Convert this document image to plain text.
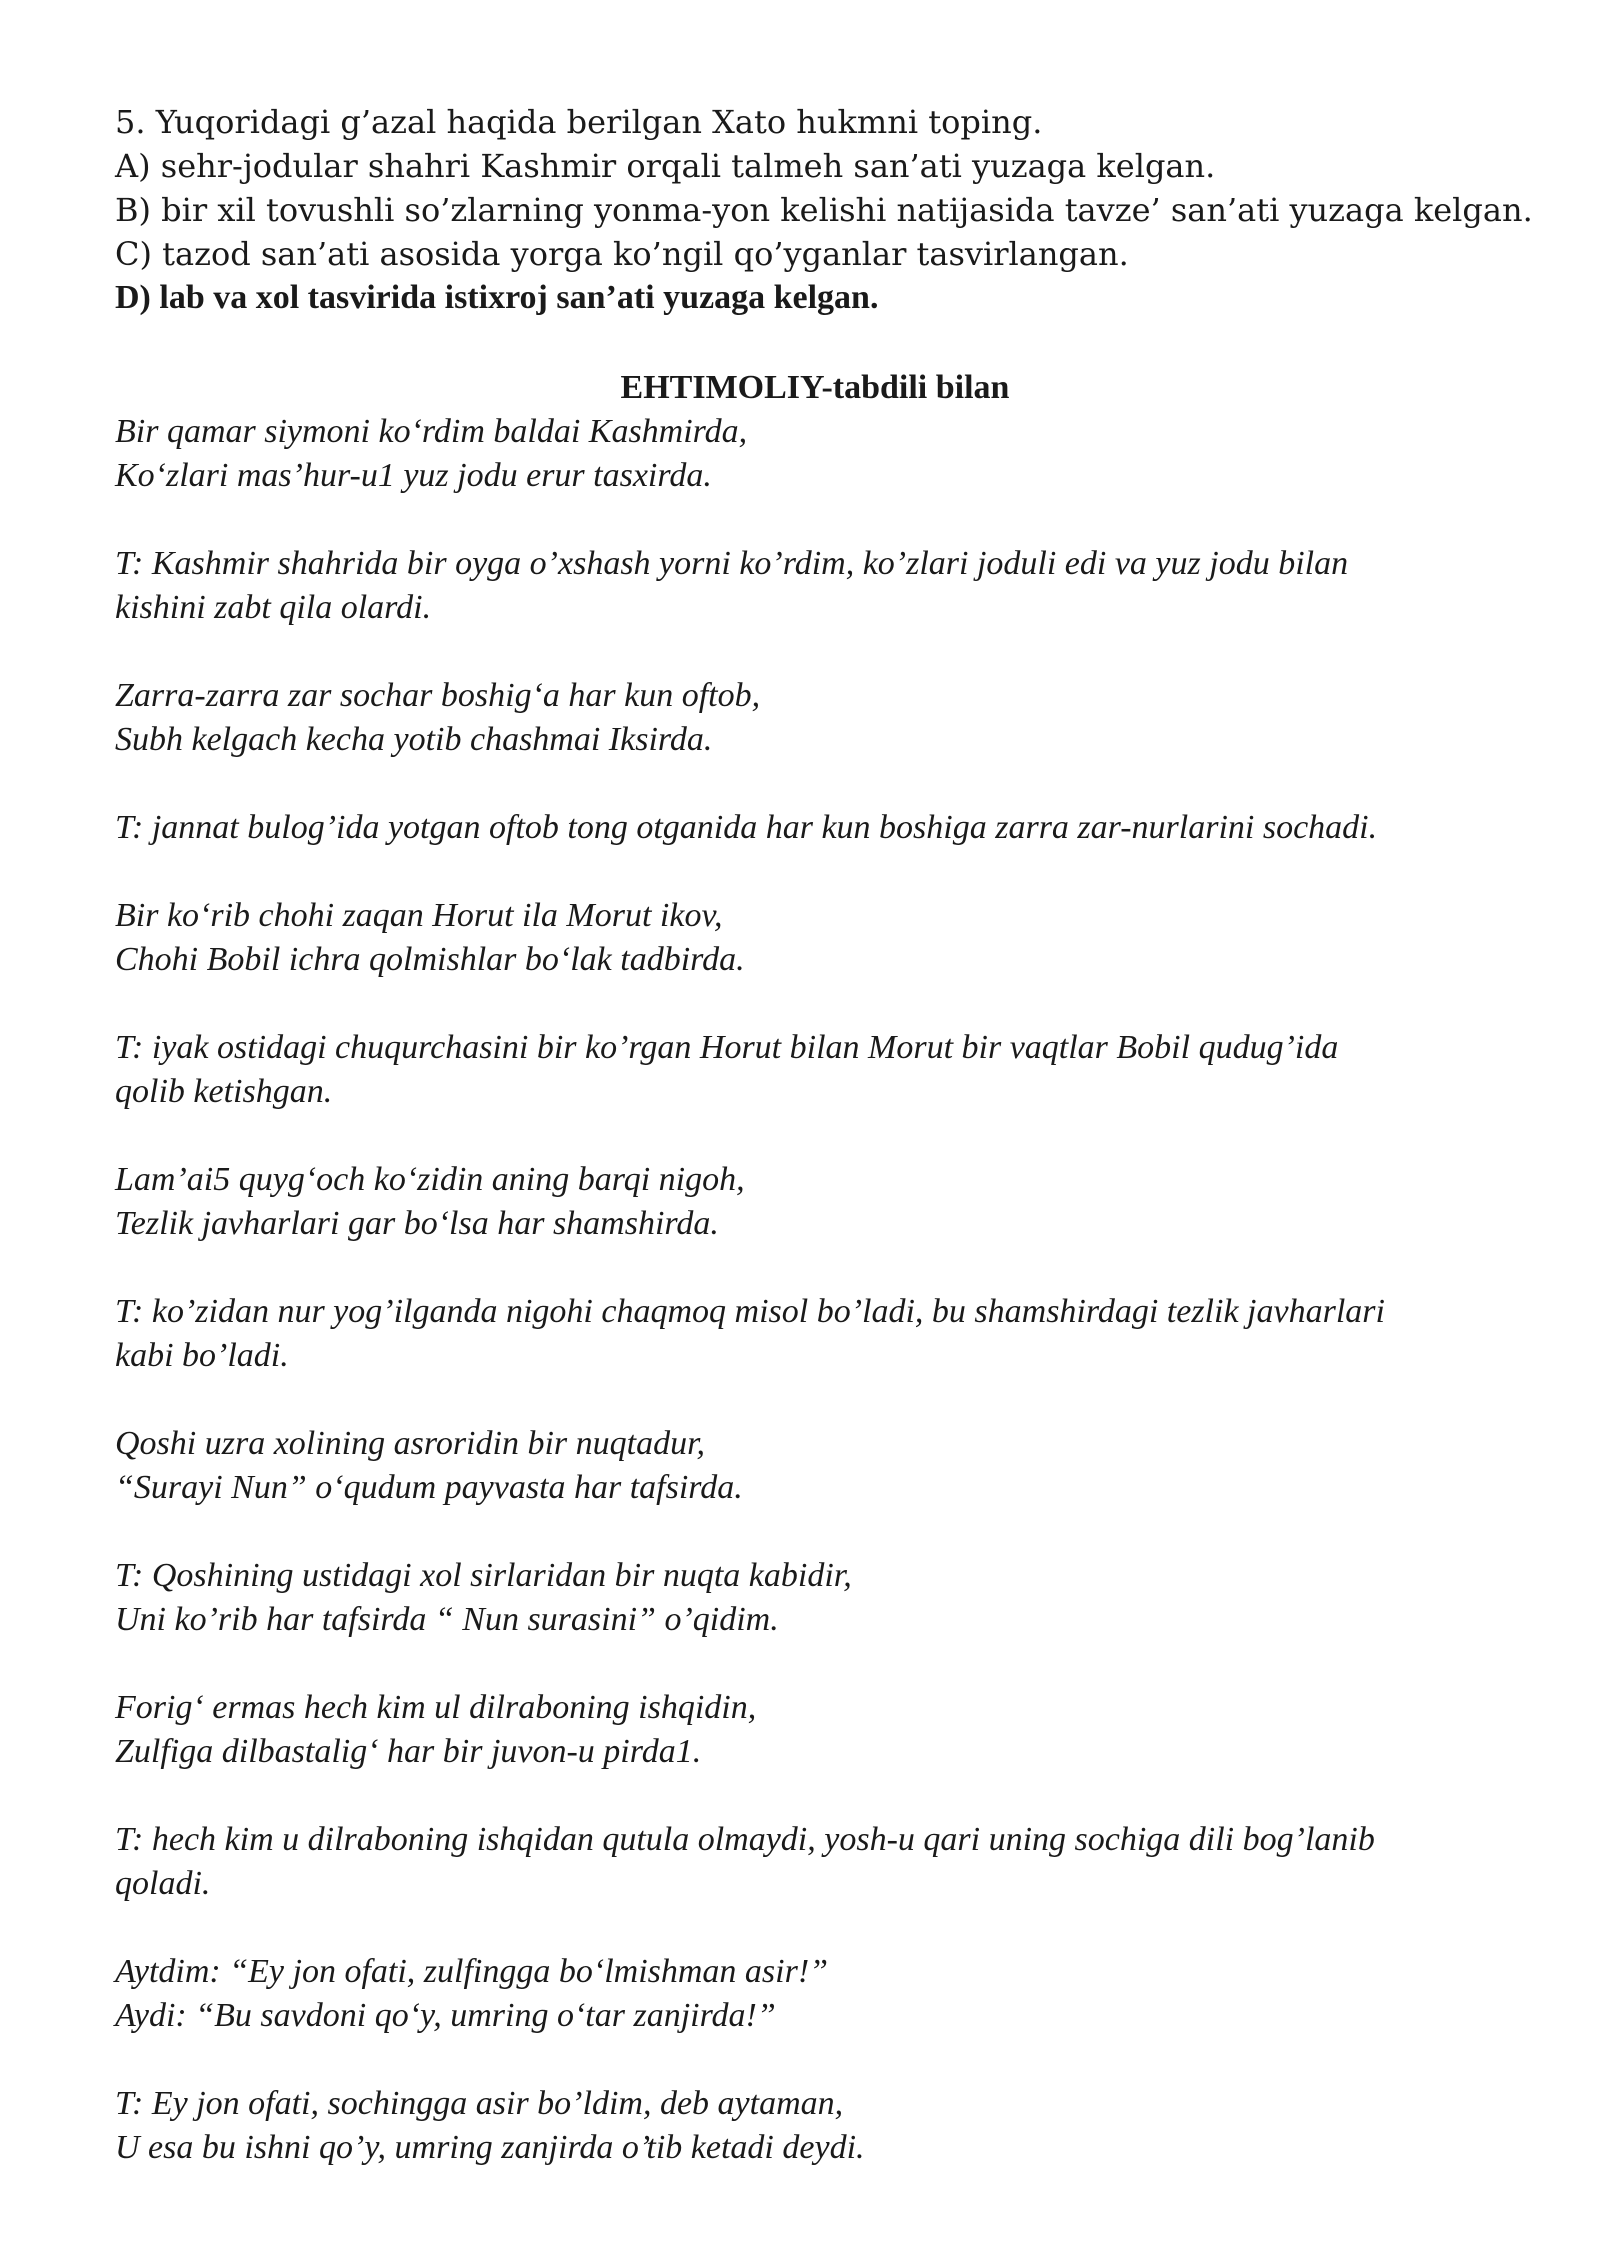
5. Yuqoridagi g’azal haqida berilgan Xato hukmni toping.

A) sehr-jodular shahri Kashmir orqali talmeh san’ati yuzaga kelgan.

B) bir xil tovushli so’zlarning yonma-yon kelishi natijasida tavze’ san’ati yuzaga kelgan.

C) tazod san’ati asosida yorga ko’ngil qo’yganlar tasvirlangan.

D) lab va xol tasvirida istixroj san’ati yuzaga kelgan.

EHTIMOLIY-tabdili bilan

Bir qamar siymoni ko‘rdim baldai Kashmirda,

Ko‘zlari mas’hur-u1 yuz jodu erur tasxirda.

T: Kashmir shahrida bir oyga o’xshash yorni ko’rdim, ko’zlari joduli edi va yuz jodu bilan

kishini zabt qila olardi.

Zarra-zarra zar sochar boshig‘a har kun oftob,

Subh kelgach kecha yotib chashmai Iksirda.

T: jannat bulog’ida yotgan oftob tong otganida har kun boshiga zarra zar-nurlarini sochadi.

Bir ko‘rib chohi zaqan Horut ila Morut ikov,

Chohi Bobil ichra qolmishlar bo‘lak tadbirda.

T: iyak ostidagi chuqurchasini bir ko’rgan Horut bilan Morut bir vaqtlar Bobil qudug’ida

qolib ketishgan.

Lam’ai5 quyg‘och ko‘zidin aning barqi nigoh,

Tezlik javharlari gar bo‘lsa har shamshirda.

T: ko’zidan nur yog’ilganda nigohi chaqmoq misol bo’ladi, bu shamshirdagi tezlik javharlari

kabi bo’ladi.

Qoshi uzra xolining asroridin bir nuqtadur,

“Surayi Nun” o‘qudum payvasta har tafsirda.

T: Qoshining ustidagi xol sirlaridan bir nuqta kabidir,

Uni ko’rib har tafsirda “ Nun surasini” o’qidim.

Forig‘ ermas hech kim ul dilraboning ishqidin,

Zulfiga dilbastalig‘ har bir juvon-u pirda1.

T: hech kim u dilraboning ishqidan qutula olmaydi, yosh-u qari uning sochiga dili bog’lanib

qoladi.

Aytdim: “Ey jon ofati, zulfingga bo‘lmishman asir!”

Aydi: “Bu savdoni qo‘y, umring o‘tar zanjirda!”

T: Ey jon ofati, sochingga asir bo’ldim, deb aytaman,

U esa bu ishni qo’y, umring zanjirda o’tib ketadi deydi.
